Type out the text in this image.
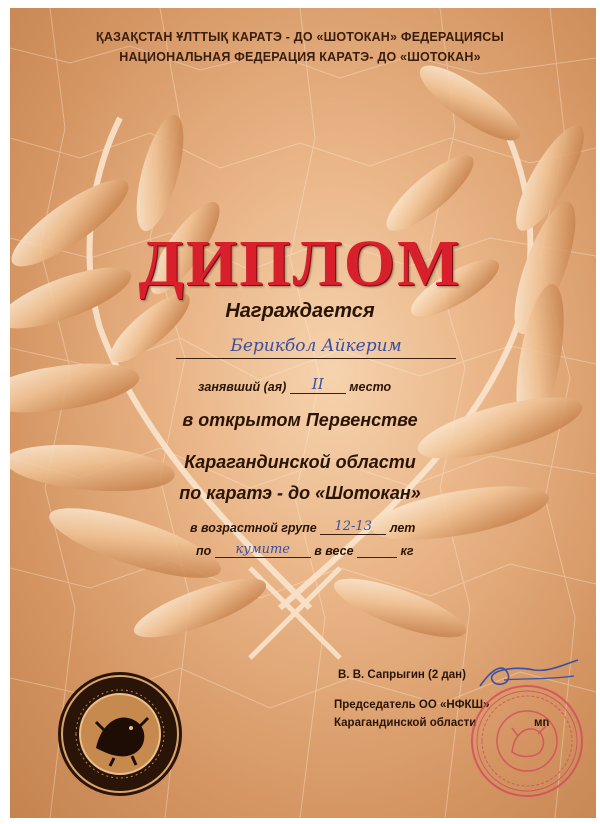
ҚАЗАҚСТАН ҰЛТТЫҚ КАРАТЭ - ДО «ШОТОКАН» ФЕДЕРАЦИЯСЫ
НАЦИОНАЛЬНАЯ ФЕДЕРАЦИЯ КАРАТЭ- ДО «ШОТОКАН»
ДИПЛОМ
Награждается
Берикбол Айкерим
занявший (ая) II место
в открытом Первенстве
Карагандинской области
по каратэ - до «Шотокан»
в возрастной групе 12-13 лет
по кумите в весе	кг
В. В. Сапрыгин (2 дан)
Председатель ОО «НФКШ»
Карагандинской области	мп
